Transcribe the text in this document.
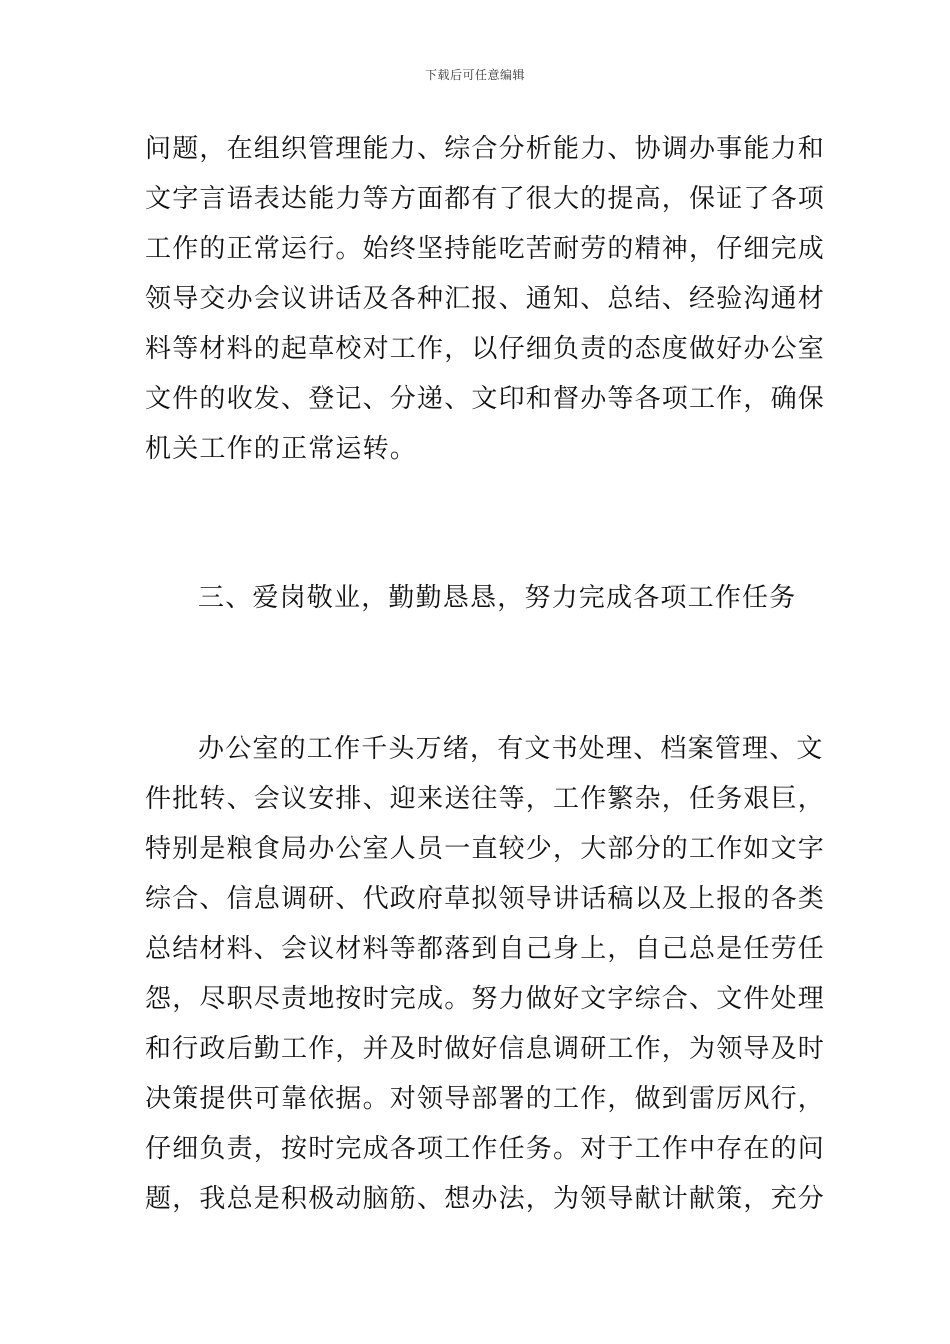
下载后可任意编辑
问题，在组织管理能力、综合分析能力、协调办事能力和
文字言语表达能力等方面都有了很大的提高，保证了各项
工作的正常运行。始终坚持能吃苦耐劳的精神，仔细完成
领导交办会议讲话及各种汇报、通知、总结、经验沟通材
料等材料的起草校对工作，以仔细负责的态度做好办公室
文件的收发、登记、分递、文印和督办等各项工作，确保
机关工作的正常运转。
三、爱岗敬业，勤勤恳恳，努力完成各项工作任务
办公室的工作千头万绪，有文书处理、档案管理、文
件批转、会议安排、迎来送往等，工作繁杂，任务艰巨，
特别是粮食局办公室人员一直较少，大部分的工作如文字
综合、信息调研、代政府草拟领导讲话稿以及上报的各类
总结材料、会议材料等都落到自己身上，自己总是任劳任
怨，尽职尽责地按时完成。努力做好文字综合、文件处理
和行政后勤工作，并及时做好信息调研工作，为领导及时
决策提供可靠依据。对领导部署的工作，做到雷厉风行，
仔细负责，按时完成各项工作任务。对于工作中存在的问
题，我总是积极动脑筋、想办法，为领导献计献策，充分
